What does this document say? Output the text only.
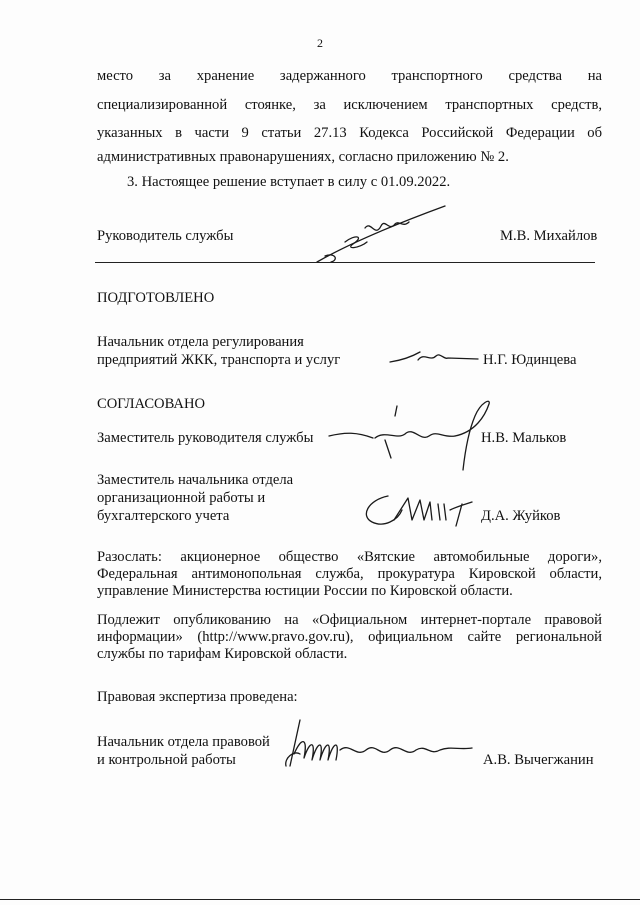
2
место за хранение задержанного транспортного средства на
специализированной стоянке, за исключением транспортных средств,
указанных в части 9 статьи 27.13 Кодекса Российской Федерации об
административных правонарушениях, согласно приложению № 2.
3. Настоящее решение вступает в силу с 01.09.2022.
Руководитель службы	М.В. Михайлов
ПОДГОТОВЛЕНО
Начальник отдела регулирования
предприятий ЖКК, транспорта и услуг	Н.Г. Юдинцева
СОГЛАСОВАНО
Заместитель руководителя службы	Н.В. Мальков
Заместитель начальника отдела
организационной работы и
бухгалтерского учета	Д.А. Жуйков
Разослать: акционерное общество «Вятские автомобильные дороги»,
Федеральная антимонопольная служба, прокуратура Кировской области,
управление Министерства юстиции России по Кировской области.
Подлежит опубликованию на «Официальном интернет-портале правовой
информации» (http://www.pravo.gov.ru), официальном сайте региональной
службы по тарифам Кировской области.
Правовая экспертиза проведена:
Начальник отдела правовой
и контрольной работы	А.В. Вычегжанин
